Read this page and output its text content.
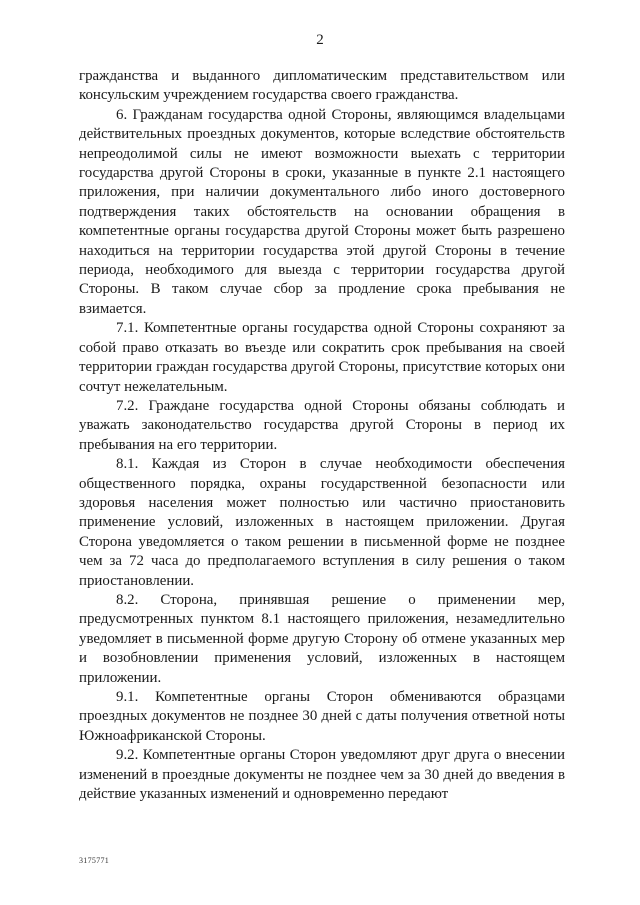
2

гражданства и выданного дипломатическим представительством или консульским учреждением государства своего гражданства.

6. Гражданам государства одной Стороны, являющимся владельцами действительных проездных документов, которые вследствие обстоятельств непреодолимой силы не имеют возможности выехать с территории государства другой Стороны в сроки, указанные в пункте 2.1 настоящего приложения, при наличии документального либо иного достоверного подтверждения таких обстоятельств на основании обращения в компетентные органы государства другой Стороны может быть разрешено находиться на территории государства этой другой Стороны в течение периода, необходимого для выезда с территории государства другой Стороны. В таком случае сбор за продление срока пребывания не взимается.

7.1. Компетентные органы государства одной Стороны сохраняют за собой право отказать во въезде или сократить срок пребывания на своей территории граждан государства другой Стороны, присутствие которых они сочтут нежелательным.

7.2. Граждане государства одной Стороны обязаны соблюдать и уважать законодательство государства другой Стороны в период их пребывания на его территории.

8.1. Каждая из Сторон в случае необходимости обеспечения общественного порядка, охраны государственной безопасности или здоровья населения может полностью или частично приостановить применение условий, изложенных в настоящем приложении. Другая Сторона уведомляется о таком решении в письменной форме не позднее чем за 72 часа до предполагаемого вступления в силу решения о таком приостановлении.

8.2. Сторона, принявшая решение о применении мер, предусмотренных пунктом 8.1 настоящего приложения, незамедлительно уведомляет в письменной форме другую Сторону об отмене указанных мер и возобновлении применения условий, изложенных в настоящем приложении.

9.1. Компетентные органы Сторон обмениваются образцами проездных документов не позднее 30 дней с даты получения ответной ноты Южноафриканской Стороны.

9.2. Компетентные органы Сторон уведомляют друг друга о внесении изменений в проездные документы не позднее чем за 30 дней до введения в действие указанных изменений и одновременно передают

3175771
